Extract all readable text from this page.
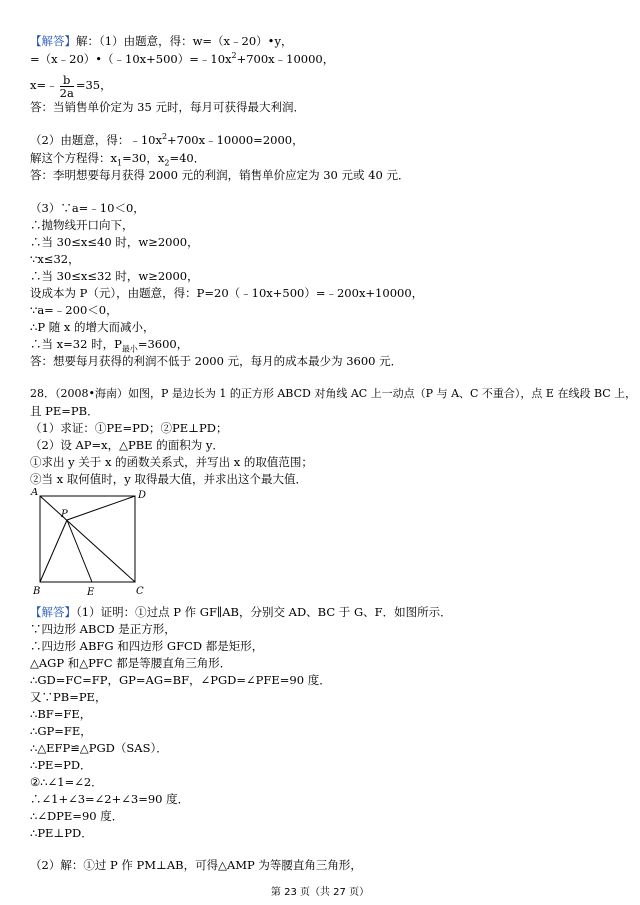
【解答】解：（1）由题意，得：w=（x﹣20）•y，
$=(x﹣20)•(﹣10x+500)=﹣10x^2+700x﹣10000$，
x=﹣ $\frac{b}{2a} =35$，
答：当销售单价定为 35 元时，每月可获得最大利润．
（2）由题意，得：$﹣10x^2+700x﹣10000=2000$，
解这个方程得：$x_1=30$，$x_2=40$．
答：李明想要每月获得 2000 元的利润，销售单价应定为 30 元或 40 元．
（3）∵a=﹣10＜0，
∴抛物线开口向下，
∴当 30≤x≤40 时，w≥2000，
∵x≤32，
∴当 30≤x≤32 时，w≥2000，
设成本为 P（元），由题意，得：P=20（﹣10x+500）=﹣200x+10000，
∵a=﹣200＜0，
∴P 随 x 的增大而减小，
∴当 x=32 时，$P_{最小}=3600$，
答：想要每月获得的利润不低于 2000 元，每月的成本最少为 3600 元．
28．（2008•海南）如图，P 是边长为 1 的正方形 ABCD 对角线 AC 上一动点（P 与 A、C 不重合），点 E 在线段 BC 上，
且 PE=PB．
（1）求证：①PE=PD；②PE⊥PD；
（2）设 AP=x，△PBE 的面积为 y．
①求出 y 关于 x 的函数关系式，并写出 x 的取值范围；
②当 x 取何值时，y 取得最大值，并求出这个最大值．
A	D
P
B	E	C
【解答】（1）证明：①过点 P 作 GF∥AB，分别交 AD、BC 于 G、F．如图所示．
∵四边形 ABCD 是正方形，
∴四边形 ABFG 和四边形 GFCD 都是矩形，
△AGP 和△PFC 都是等腰直角三角形．
∴GD=FC=FP，GP=AG=BF，∠PGD=∠PFE=90 度．
又∵PB=PE，
∴BF=FE，
∴GP=FE，
∴△EFP≌△PGD（SAS）．
∴PE=PD．
②∴∠1=∠2．
∴∠1+∠3=∠2+∠3=90 度．
∴∠DPE=90 度．
∴PE⊥PD．
（2）解：①过 P 作 PM⊥AB，可得△AMP 为等腰直角三角形，
第 23 页（共 27 页）
